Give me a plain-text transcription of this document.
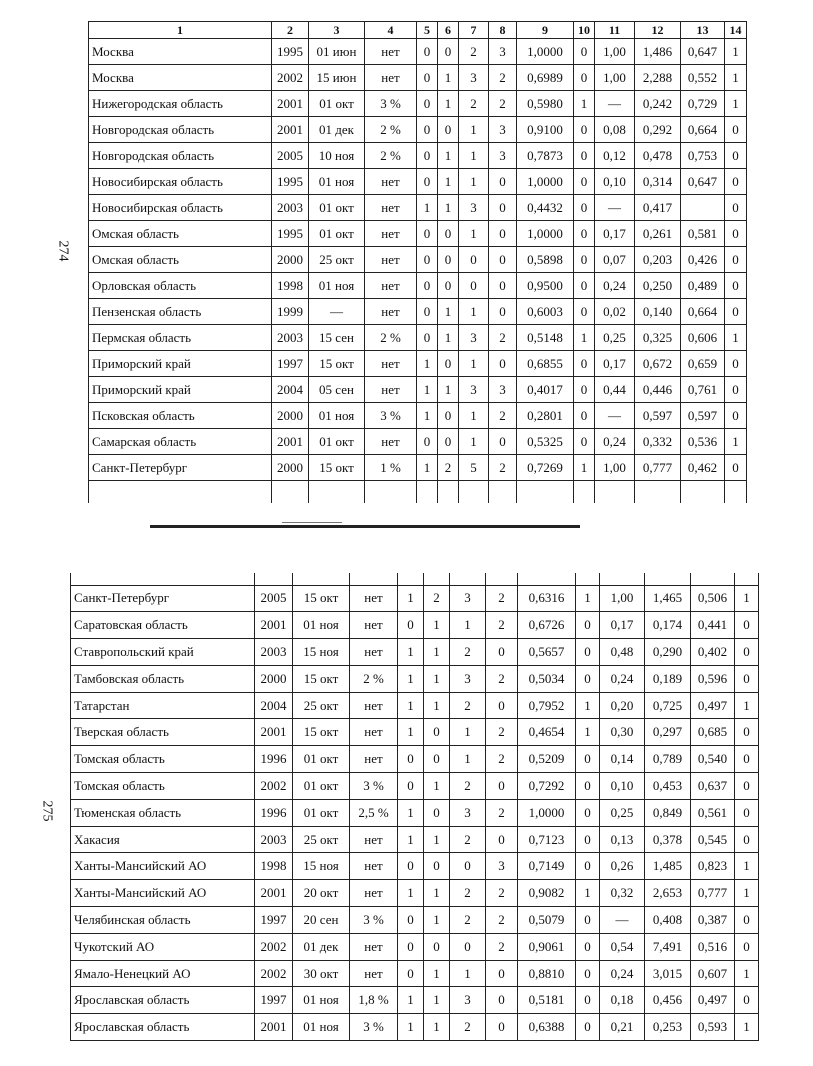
274
275
1	2	3	4	5	6	7	8	9	10	11	12	13	14
Москва	1995	01 июн	нет	0	0	2	3	1,0000	0	1,00	1,486	0,647	1
Москва	2002	15 июн	нет	0	1	3	2	0,6989	0	1,00	2,288	0,552	1
Нижегородская область	2001	01 окт	3 %	0	1	2	2	0,5980	1	—	0,242	0,729	1
Новгородская область	2001	01 дек	2 %	0	0	1	3	0,9100	0	0,08	0,292	0,664	0
Новгородская область	2005	10 ноя	2 %	0	1	1	3	0,7873	0	0,12	0,478	0,753	0
Новосибирская область	1995	01 ноя	нет	0	1	1	0	1,0000	0	0,10	0,314	0,647	0
Новосибирская область	2003	01 окт	нет	1	1	3	0	0,4432	0	—	0,417		0
Омская область	1995	01 окт	нет	0	0	1	0	1,0000	0	0,17	0,261	0,581	0
Омская область	2000	25 окт	нет	0	0	0	0	0,5898	0	0,07	0,203	0,426	0
Орловская область	1998	01 ноя	нет	0	0	0	0	0,9500	0	0,24	0,250	0,489	0
Пензенская область	1999	—	нет	0	1	1	0	0,6003	0	0,02	0,140	0,664	0
Пермская область	2003	15 сен	2 %	0	1	3	2	0,5148	1	0,25	0,325	0,606	1
Приморский край	1997	15 окт	нет	1	0	1	0	0,6855	0	0,17	0,672	0,659	0
Приморский край	2004	05 сен	нет	1	1	3	3	0,4017	0	0,44	0,446	0,761	0
Псковская область	2000	01 ноя	3 %	1	0	1	2	0,2801	0	—	0,597	0,597	0
Самарская область	2001	01 окт	нет	0	0	1	0	0,5325	0	0,24	0,332	0,536	1
Санкт-Петербург	2000	15 окт	1 %	1	2	5	2	0,7269	1	1,00	0,777	0,462	0

Санкт-Петербург	2005	15 окт	нет	1	2	3	2	0,6316	1	1,00	1,465	0,506	1
Саратовская область	2001	01 ноя	нет	0	1	1	2	0,6726	0	0,17	0,174	0,441	0
Ставропольский край	2003	15 ноя	нет	1	1	2	0	0,5657	0	0,48	0,290	0,402	0
Тамбовская область	2000	15 окт	2 %	1	1	3	2	0,5034	0	0,24	0,189	0,596	0
Татарстан	2004	25 окт	нет	1	1	2	0	0,7952	1	0,20	0,725	0,497	1
Тверская область	2001	15 окт	нет	1	0	1	2	0,4654	1	0,30	0,297	0,685	0
Томская область	1996	01 окт	нет	0	0	1	2	0,5209	0	0,14	0,789	0,540	0
Томская область	2002	01 окт	3 %	0	1	2	0	0,7292	0	0,10	0,453	0,637	0
Тюменская область	1996	01 окт	2,5 %	1	0	3	2	1,0000	0	0,25	0,849	0,561	0
Хакасия	2003	25 окт	нет	1	1	2	0	0,7123	0	0,13	0,378	0,545	0
Ханты-Мансийский АО	1998	15 ноя	нет	0	0	0	3	0,7149	0	0,26	1,485	0,823	1
Ханты-Мансийский АО	2001	20 окт	нет	1	1	2	2	0,9082	1	0,32	2,653	0,777	1
Челябинская область	1997	20 сен	3 %	0	1	2	2	0,5079	0	—	0,408	0,387	0
Чукотский АО	2002	01 дек	нет	0	0	0	2	0,9061	0	0,54	7,491	0,516	0
Ямало-Ненецкий АО	2002	30 окт	нет	0	1	1	0	0,8810	0	0,24	3,015	0,607	1
Ярославская область	1997	01 ноя	1,8 %	1	1	3	0	0,5181	0	0,18	0,456	0,497	0
Ярославская область	2001	01 ноя	3 %	1	1	2	0	0,6388	0	0,21	0,253	0,593	1
